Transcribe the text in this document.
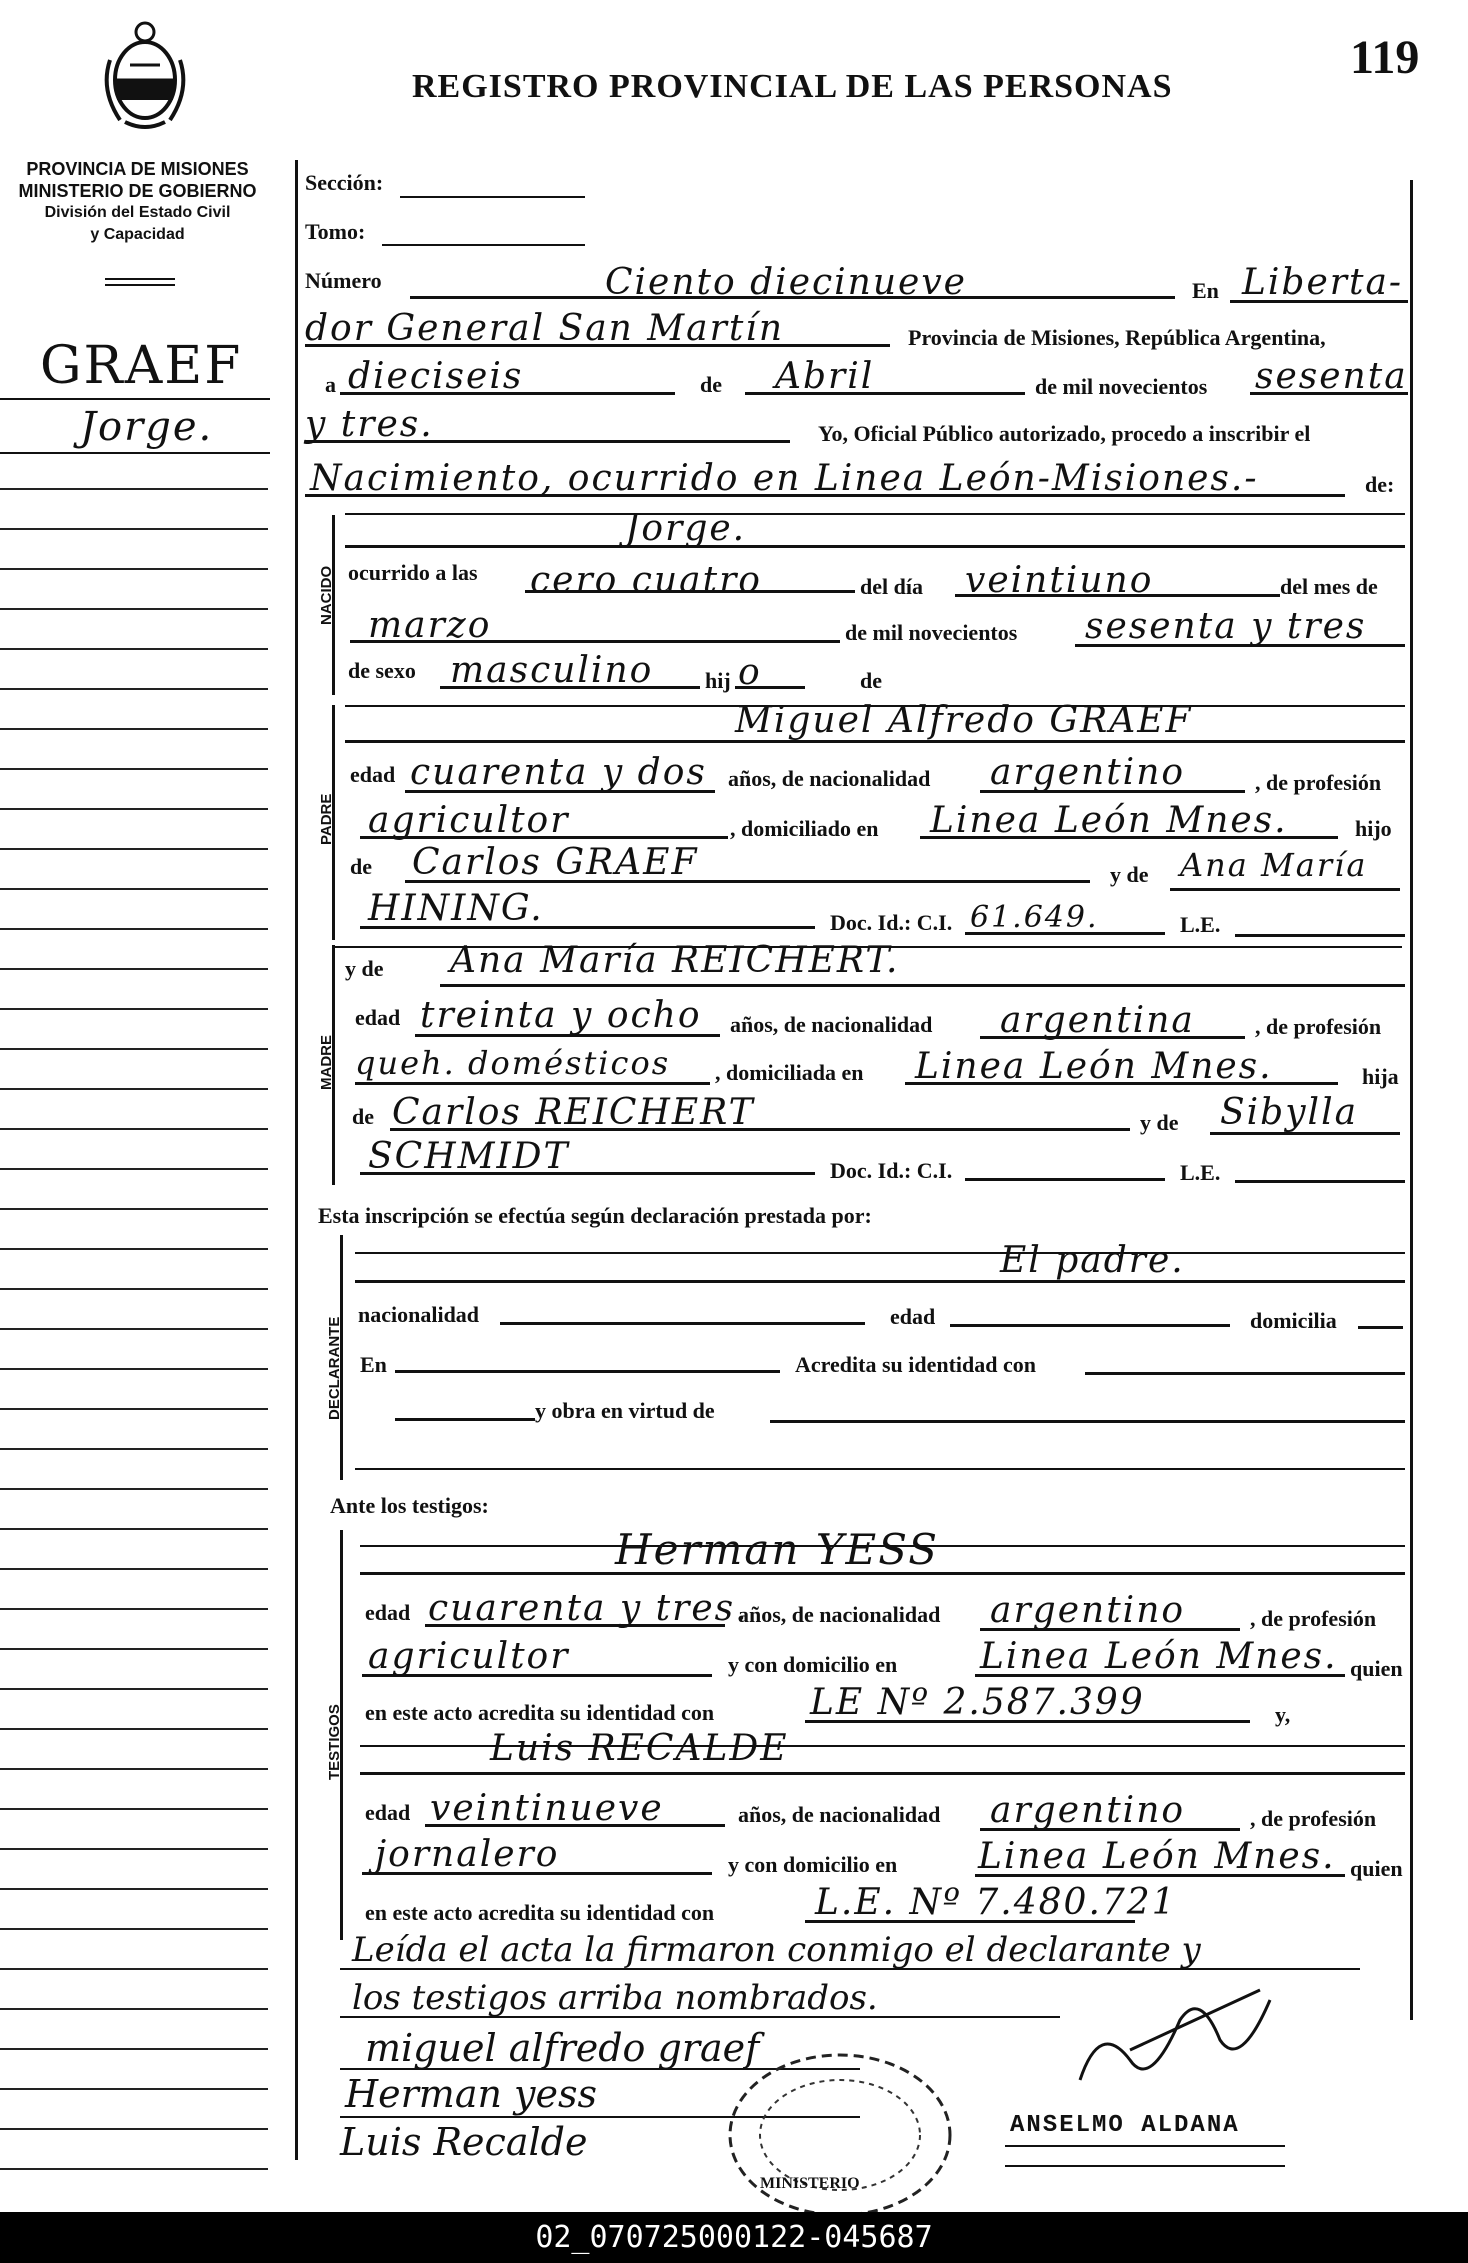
PROVINCIA DE MISIONES
MINISTERIO DE GOBIERNO
División del Estado Civil
y Capacidad
REGISTRO PROVINCIAL DE LAS PERSONAS
119
GRAEF
Jorge.
Sección:
Tomo:
Número	Ciento diecinueve	En Liberta-
dor General San Martín	Provincia de Misiones, República Argentina,
a dieciseis	de Abril	de mil novecientos sesenta
y tres.	Yo, Oficial Público autorizado, procedo a inscribir el
Nacimiento, ocurrido en Linea León-Misiones.-	de:
NACIDO
Jorge.
ocurrido a las cero cuatro	del día veintiuno	del mes de
marzo	de mil novecientos sesenta y tres
de sexo masculino hij o	de
PADRE
Miguel Alfredo GRAEF
edad cuarenta y dos años, de nacionalidad argentino	, de profesión
agricultor	, domiciliado en Linea León Mnes.	hijo
de Carlos GRAEF	y de Ana María
HINING.	Doc. Id.: C.I. 61.649.	L.E.
MADRE
y de Ana María REICHERT.
edad treinta y ocho años, de nacionalidad argentina	, de profesión
queh. domésticos , domiciliada en Linea León Mnes.	hija
de Carlos REICHERT	y de Sibylla
SCHMIDT	Doc. Id.: C.I.	L.E.
Esta inscripción se efectúa según declaración prestada por:
DECLARANTE
El padre.
nacionalidad	edad	domicilia
En	Acredita su identidad con
y obra en virtud de
Ante los testigos:
TESTIGOS
Herman YESS
edad cuarenta y tres.
años, de nacionalidad argentino	, de profesión
agricultor	y con domicilio en Linea León Mnes. quien
en este acto acredita su identidad con	LE Nº 2.587.399	y,
Luis RECALDE
edad veintinueve	años, de nacionalidad argentino	, de profesión
jornalero	y con domicilio en Linea León Mnes. quien
en este acto acredita su identidad con	L.E. Nº 7.480.721
Leída el acta la firmaron conmigo el declarante y
los testigos arriba nombrados.
miguel alfredo graef
Herman yess
Luis Recalde
MINISTERIO
ANSELMO ALDANA
02_070725000122-045687
